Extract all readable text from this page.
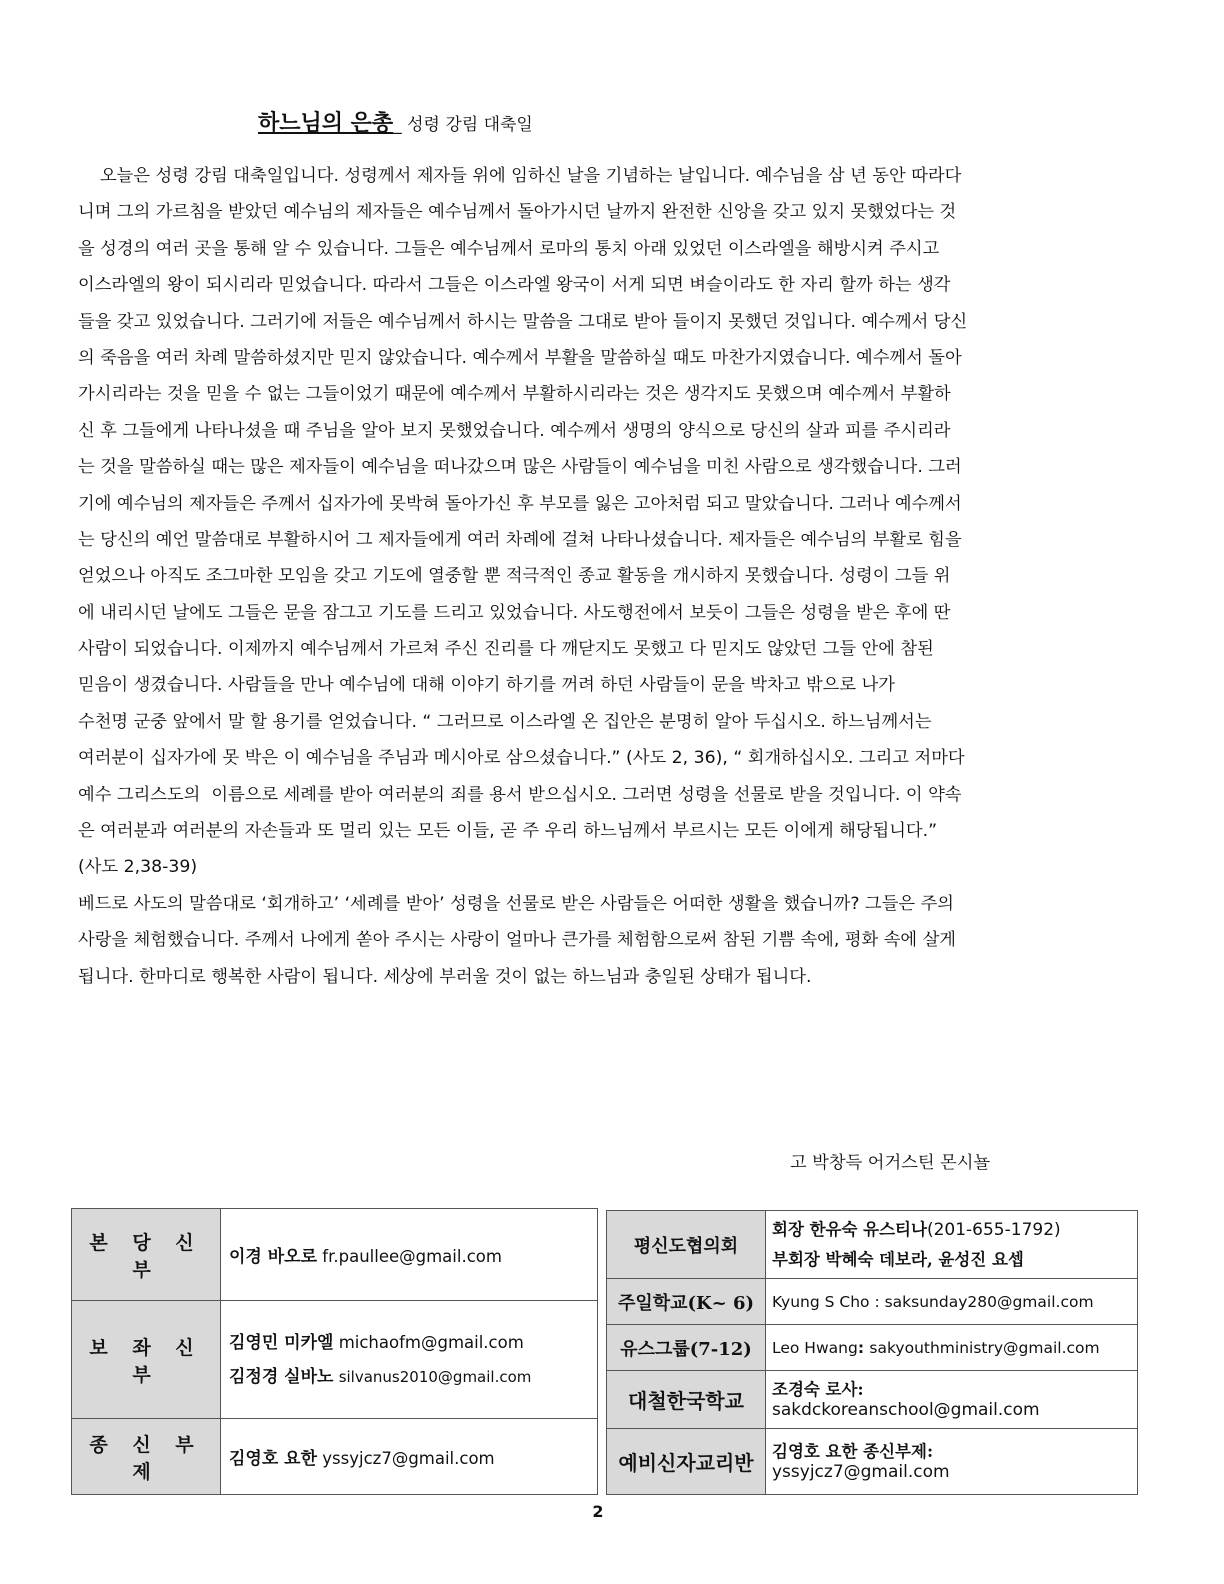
하느님의 은총_ 성령 강림 대축일
오늘은 성령 강림 대축일입니다. 성령께서 제자들 위에 임하신 날을 기념하는 날입니다. 예수님을 삼 년 동안 따라다
니며 그의 가르침을 받았던 예수님의 제자들은 예수님께서 돌아가시던 날까지 완전한 신앙을 갖고 있지 못했었다는 것
을 성경의 여러 곳을 통해 알 수 있습니다. 그들은 예수님께서 로마의 통치 아래 있었던 이스라엘을 해방시켜 주시고
이스라엘의 왕이 되시리라 믿었습니다. 따라서 그들은 이스라엘 왕국이 서게 되면 벼슬이라도 한 자리 할까 하는 생각
들을 갖고 있었습니다. 그러기에 저들은 예수님께서 하시는 말씀을 그대로 받아 들이지 못했던 것입니다. 예수께서 당신
의 죽음을 여러 차례 말씀하셨지만 믿지 않았습니다. 예수께서 부활을 말씀하실 때도 마찬가지였습니다. 예수께서 돌아
가시리라는 것을 믿을 수 없는 그들이었기 때문에 예수께서 부활하시리라는 것은 생각지도 못했으며 예수께서 부활하
신 후 그들에게 나타나셨을 때 주님을 알아 보지 못했었습니다. 예수께서 생명의 양식으로 당신의 살과 피를 주시리라
는 것을 말씀하실 때는 많은 제자들이 예수님을 떠나갔으며 많은 사람들이 예수님을 미친 사람으로 생각했습니다. 그러
기에 예수님의 제자들은 주께서 십자가에 못박혀 돌아가신 후 부모를 잃은 고아처럼 되고 말았습니다. 그러나 예수께서
는 당신의 예언 말씀대로 부활하시어 그 제자들에게 여러 차례에 걸쳐 나타나셨습니다. 제자들은 예수님의 부활로 힘을
얻었으나 아직도 조그마한 모임을 갖고 기도에 열중할 뿐 적극적인 종교 활동을 개시하지 못했습니다. 성령이 그들 위
에 내리시던 날에도 그들은 문을 잠그고 기도를 드리고 있었습니다. 사도행전에서 보듯이 그들은 성령을 받은 후에 딴
사람이 되었습니다. 이제까지 예수님께서 가르쳐 주신 진리를 다 깨닫지도 못했고 다 믿지도 않았던 그들 안에 참된
믿음이 생겼습니다. 사람들을 만나 예수님에 대해 이야기 하기를 꺼려 하던 사람들이 문을 박차고 밖으로 나가
수천명 군중 앞에서 말 할 용기를 얻었습니다. “ 그러므로 이스라엘 온 집안은 분명히 알아 두십시오. 하느님께서는
여러분이 십자가에 못 박은 이 예수님을 주님과 메시아로 삼으셨습니다.” (사도 2, 36), “ 회개하십시오. 그리고 저마다
예수 그리스도의  이름으로 세례를 받아 여러분의 죄를 용서 받으십시오. 그러면 성령을 선물로 받을 것입니다. 이 약속
은 여러분과 여러분의 자손들과 또 멀리 있는 모든 이들, 곧 주 우리 하느님께서 부르시는 모든 이에게 해당됩니다.”
(사도 2,38-39)
베드로 사도의 말씀대로 ‘회개하고’ ‘세례를 받아’ 성령을 선물로 받은 사람들은 어떠한 생활을 했습니까? 그들은 주의
사랑을 체험했습니다. 주께서 나에게 쏟아 주시는 사랑이 얼마나 큰가를 체험함으로써 참된 기쁨 속에, 평화 속에 살게
됩니다. 한마디로 행복한 사람이 됩니다. 세상에 부러울 것이 없는 하느님과 충일된 상태가 됩니다.
고 박창득 어거스틴 몬시뇰
본 당 신 부	이경 바오로 fr.paullee@gmail.com
보 좌 신 부	김영민 미카엘 michaofm@gmail.com
김정경 실바노 silvanus2010@gmail.com

종 신 부 제	김영호 요한 yssyjcz7@gmail.com
평신도협의회	회장 한유숙 유스티나(201-655-1792)
부회장 박혜숙 데보라, 윤성진 요셉

주일학교(K~ 6)	Kyung S Cho : saksunday280@gmail.com
유스그룹(7-12)	Leo Hwang: sakyouthministry@gmail.com
대철한국학교	조경숙 로사:
sakdckoreanschool@gmail.com

예비신자교리반	김영호 요한 종신부제:
yssyjcz7@gmail.com
2
